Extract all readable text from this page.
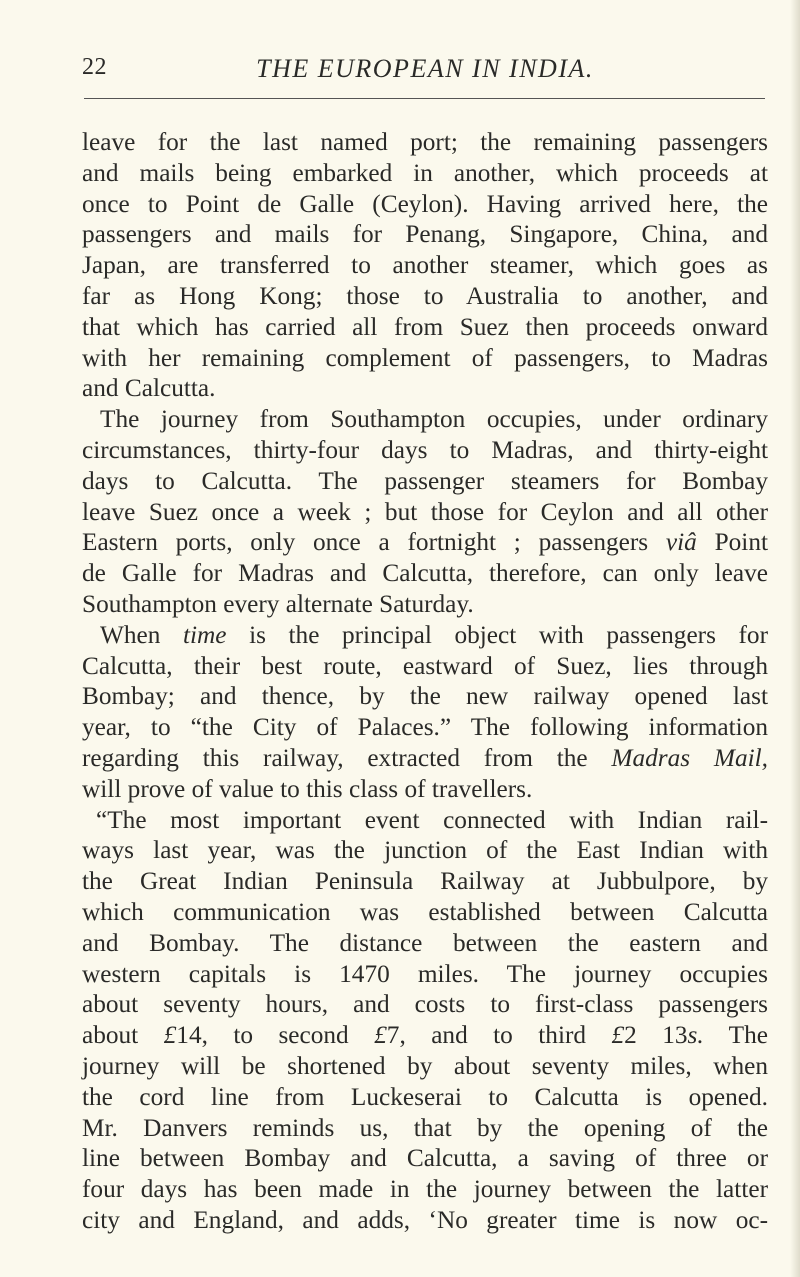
22	THE EUROPEAN IN INDIA.
leave for the last named port; the remaining passengers
and mails being embarked in another, which proceeds at
once to Point de Galle (Ceylon). Having arrived here, the
passengers and mails for Penang, Singapore, China, and
Japan, are transferred to another steamer, which goes as
far as Hong Kong; those to Australia to another, and
that which has carried all from Suez then proceeds onward
with her remaining complement of passengers, to Madras
and Calcutta.
The journey from Southampton occupies, under ordinary
circumstances, thirty-four days to Madras, and thirty-eight
days to Calcutta. The passenger steamers for Bombay
leave Suez once a week ; but those for Ceylon and all other
Eastern ports, only once a fortnight ; passengers viâ Point
de Galle for Madras and Calcutta, therefore, can only leave
Southampton every alternate Saturday.
When time is the principal object with passengers for
Calcutta, their best route, eastward of Suez, lies through
Bombay; and thence, by the new railway opened last
year, to “the City of Palaces.” The following information
regarding this railway, extracted from the Madras Mail,
will prove of value to this class of travellers.
“The most important event connected with Indian rail-
ways last year, was the junction of the East Indian with
the Great Indian Peninsula Railway at Jubbulpore, by
which communication was established between Calcutta
and Bombay. The distance between the eastern and
western capitals is 1470 miles. The journey occupies
about seventy hours, and costs to first-class passengers
about £14, to second £7, and to third £2 13s. The
journey will be shortened by about seventy miles, when
the cord line from Luckeserai to Calcutta is opened.
Mr. Danvers reminds us, that by the opening of the
line between Bombay and Calcutta, a saving of three or
four days has been made in the journey between the latter
city and England, and adds, ‘No greater time is now oc-
